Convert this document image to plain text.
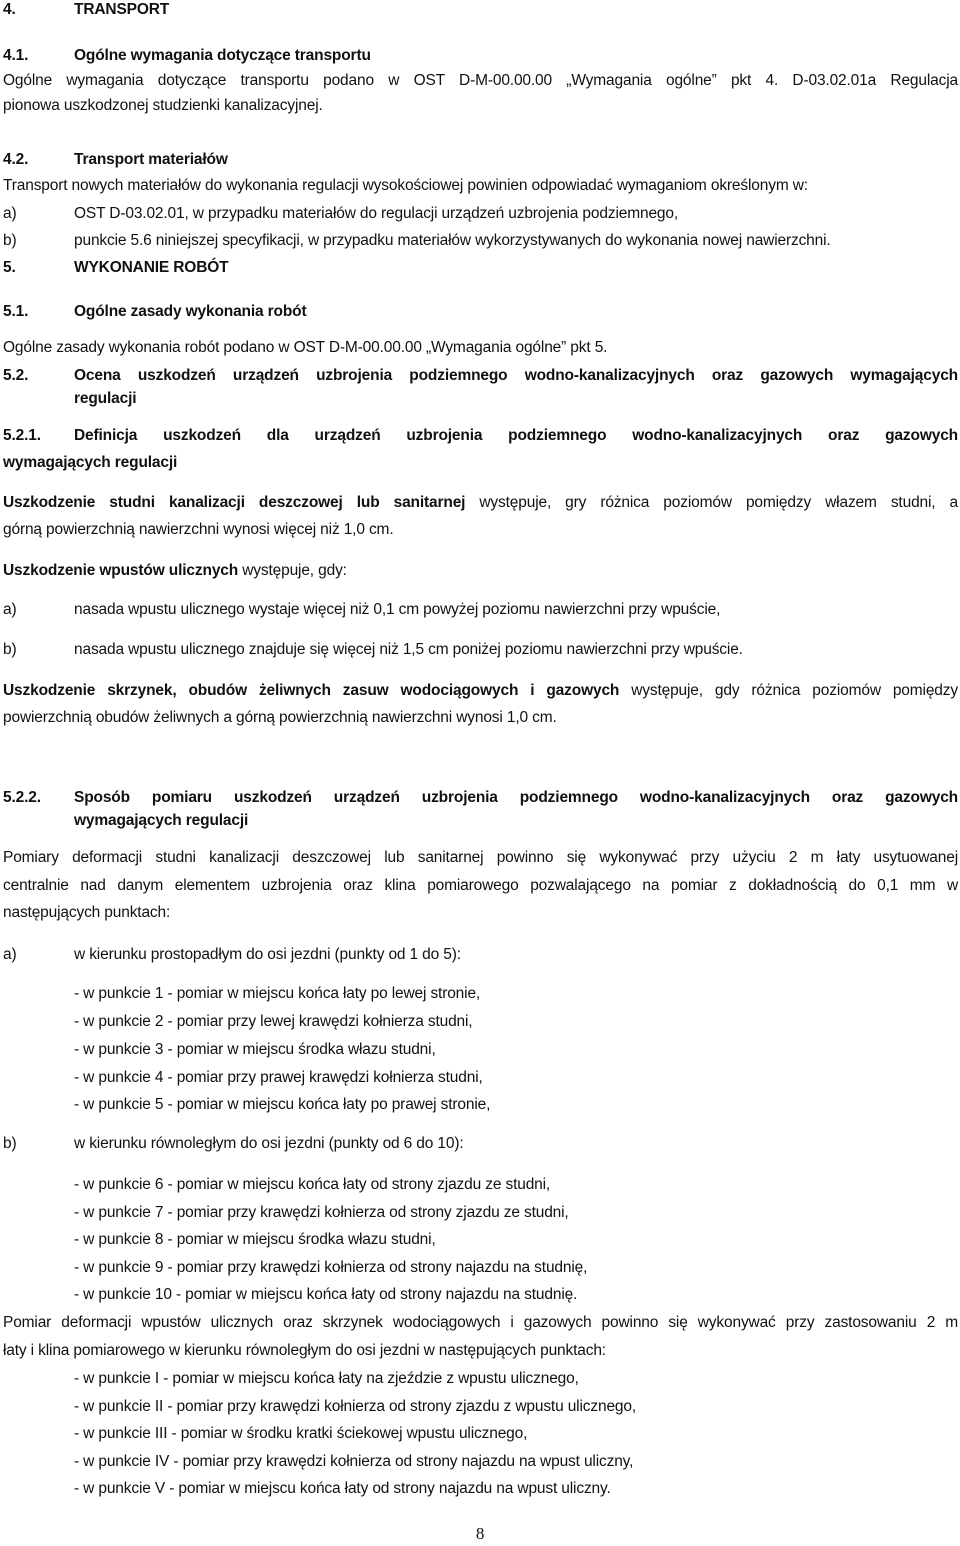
4.	TRANSPORT
4.1.	Ogólne wymagania dotyczące transportu
Ogólne wymagania dotyczące transportu podano w OST D-M-00.00.00 „Wymagania ogólne” pkt 4. D-03.02.01a Regulacja
pionowa uszkodzonej studzienki kanalizacyjnej.
4.2.	Transport materiałów
Transport nowych materiałów do wykonania regulacji wysokościowej powinien odpowiadać wymaganiom określonym w:
a)	OST D-03.02.01, w przypadku materiałów do regulacji urządzeń uzbrojenia podziemnego,
b)	punkcie 5.6 niniejszej specyfikacji, w przypadku materiałów wykorzystywanych do wykonania nowej nawierzchni.
5.	WYKONANIE ROBÓT
5.1.	Ogólne zasady wykonania robót
Ogólne zasady wykonania robót podano w OST D-M-00.00.00 „Wymagania ogólne” pkt 5.
5.2.	Ocena uszkodzeń urządzeń uzbrojenia podziemnego wodno-kanalizacyjnych oraz gazowych wymagających
regulacji
5.2.1. Definicja uszkodzeń dla urządzeń uzbrojenia podziemnego wodno-kanalizacyjnych oraz gazowych
wymagających regulacji
Uszkodzenie studni kanalizacji deszczowej lub sanitarnej występuje, gry różnica poziomów pomiędzy włazem studni, a
górną powierzchnią nawierzchni wynosi więcej niż 1,0 cm.
Uszkodzenie wpustów ulicznych występuje, gdy:
a)	nasada wpustu ulicznego wystaje więcej niż 0,1 cm powyżej poziomu nawierzchni przy wpuście,
b)	nasada wpustu ulicznego znajduje się więcej niż 1,5 cm poniżej poziomu nawierzchni przy wpuście.
Uszkodzenie skrzynek, obudów żeliwnych zasuw wodociągowych i gazowych występuje, gdy różnica poziomów pomiędzy
powierzchnią obudów żeliwnych a górną powierzchnią nawierzchni wynosi 1,0 cm.
5.2.2. Sposób pomiaru uszkodzeń urządzeń uzbrojenia podziemnego wodno-kanalizacyjnych oraz gazowych
wymagających regulacji
Pomiary deformacji studni kanalizacji deszczowej lub sanitarnej powinno się wykonywać przy użyciu 2 m łaty usytuowanej
centralnie nad danym elementem uzbrojenia oraz klina pomiarowego pozwalającego na pomiar z dokładnością do 0,1 mm w
następujących punktach:
a)	w kierunku prostopadłym do osi jezdni (punkty od 1 do 5):
- w punkcie 1 - pomiar w miejscu końca łaty po lewej stronie,
- w punkcie 2 - pomiar przy lewej krawędzi kołnierza studni,
- w punkcie 3 - pomiar w miejscu środka włazu studni,
- w punkcie 4 - pomiar przy prawej krawędzi kołnierza studni,
- w punkcie 5 - pomiar w miejscu końca łaty po prawej stronie,
b)	w kierunku równoległym do osi jezdni (punkty od 6 do 10):
- w punkcie 6 - pomiar w miejscu końca łaty od strony zjazdu ze studni,
- w punkcie 7 - pomiar przy krawędzi kołnierza od strony zjazdu ze studni,
- w punkcie 8 - pomiar w miejscu środka włazu studni,
- w punkcie 9 - pomiar przy krawędzi kołnierza od strony najazdu na studnię,
- w punkcie 10 - pomiar w miejscu końca łaty od strony najazdu na studnię.
Pomiar deformacji wpustów ulicznych oraz skrzynek wodociągowych i gazowych powinno się wykonywać przy zastosowaniu 2 m
łaty i klina pomiarowego w kierunku równoległym do osi jezdni w następujących punktach:
- w punkcie I - pomiar w miejscu końca łaty na zjeździe z wpustu ulicznego,
- w punkcie II - pomiar przy krawędzi kołnierza od strony zjazdu z wpustu ulicznego,
- w punkcie III - pomiar w środku kratki ściekowej wpustu ulicznego,
- w punkcie IV - pomiar przy krawędzi kołnierza od strony najazdu na wpust uliczny,
- w punkcie V - pomiar w miejscu końca łaty od strony najazdu na wpust uliczny.
8
